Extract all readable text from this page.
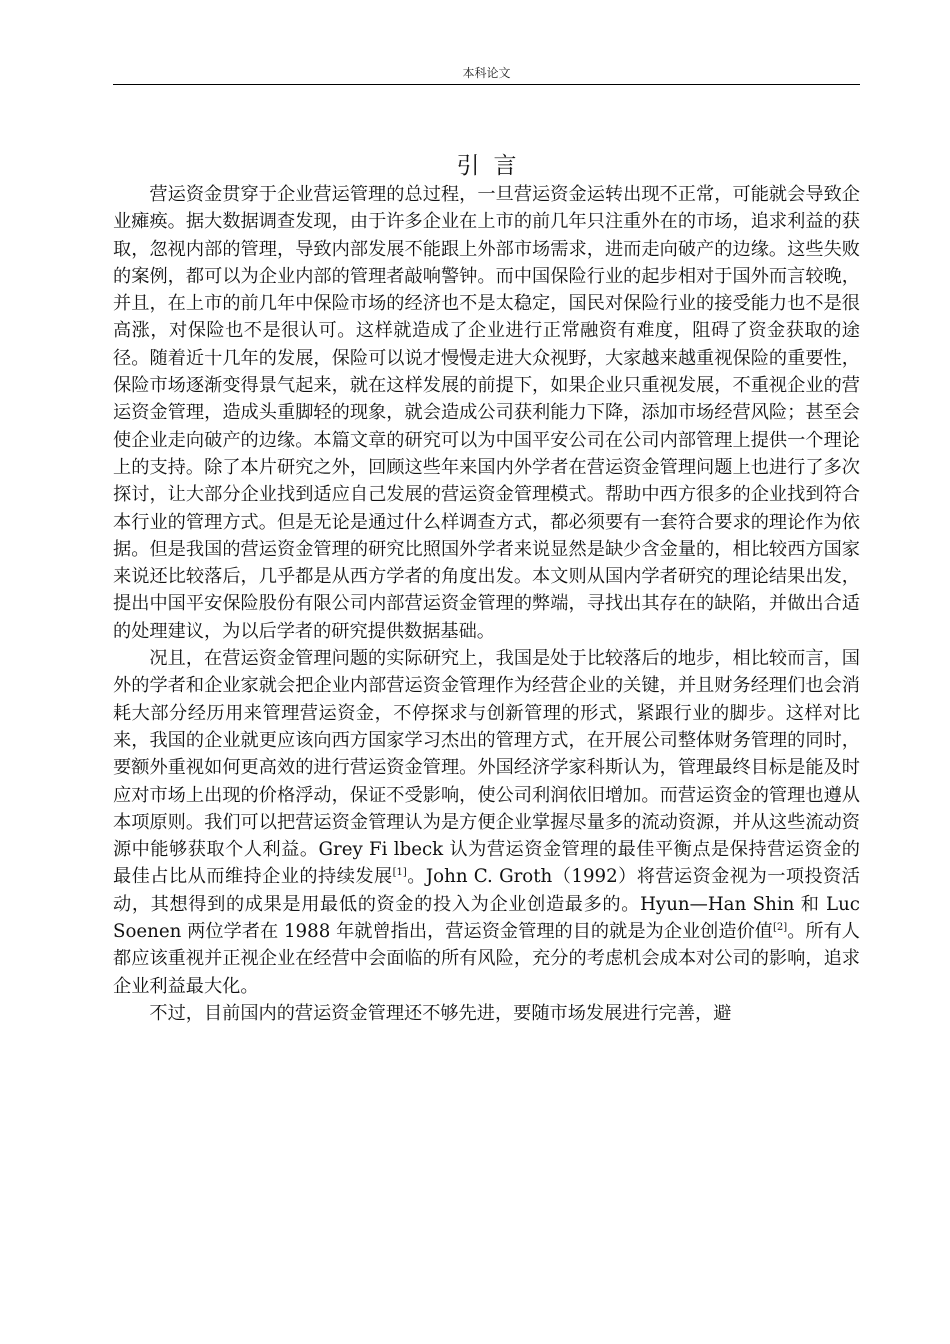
本科论文
引言

营运资金贯穿于企业营运管理的总过程，一旦营运资金运转出现不正常，可能就会导致企业瘫痪。据大数据调查发现，由于许多企业在上市的前几年只注重外在的市场，追求利益的获取，忽视内部的管理，导致内部发展不能跟上外部市场需求，进而走向破产的边缘。这些失败的案例，都可以为企业内部的管理者敲响警钟。而中国保险行业的起步相对于国外而言较晚，并且，在上市的前几年中保险市场的经济也不是太稳定，国民对保险行业的接受能力也不是很高涨，对保险也不是很认可。这样就造成了企业进行正常融资有难度，阻碍了资金获取的途径。随着近十几年的发展，保险可以说才慢慢走进大众视野，大家越来越重视保险的重要性，保险市场逐渐变得景气起来，就在这样发展的前提下，如果企业只重视发展，不重视企业的营运资金管理，造成头重脚轻的现象，就会造成公司获利能力下降，添加市场经营风险；甚至会使企业走向破产的边缘。本篇文章的研究可以为中国平安公司在公司内部管理上提供一个理论上的支持。除了本片研究之外，回顾这些年来国内外学者在营运资金管理问题上也进行了多次探讨，让大部分企业找到适应自己发展的营运资金管理模式。帮助中西方很多的企业找到符合本行业的管理方式。但是无论是通过什么样调查方式，都必须要有一套符合要求的理论作为依据。但是我国的营运资金管理的研究比照国外学者来说显然是缺少含金量的，相比较西方国家来说还比较落后，几乎都是从西方学者的角度出发。本文则从国内学者研究的理论结果出发，提出中国平安保险股份有限公司内部营运资金管理的弊端，寻找出其存在的缺陷，并做出合适的处理建议，为以后学者的研究提供数据基础。

况且，在营运资金管理问题的实际研究上，我国是处于比较落后的地步，相比较而言，国外的学者和企业家就会把企业内部营运资金管理作为经营企业的关键，并且财务经理们也会消耗大部分经历用来管理营运资金，不停探求与创新管理的形式，紧跟行业的脚步。这样对比来，我国的企业就更应该向西方国家学习杰出的管理方式，在开展公司整体财务管理的同时，要额外重视如何更高效的进行营运资金管理。外国经济学家科斯认为，管理最终目标是能及时应对市场上出现的价格浮动，保证不受影响，使公司利润依旧增加。而营运资金的管理也遵从本项原则。我们可以把营运资金管理认为是方便企业掌握尽量多的流动资源，并从这些流动资源中能够获取个人利益。Grey Fi lbeck 认为营运资金管理的最佳平衡点是保持营运资金的最佳占比从而维持企业的持续发展[1]。John C. Groth（1992）将营运资金视为一项投资活动，其想得到的成果是用最低的资金的投入为企业创造最多的。Hyun—Han Shin 和 Luc Soenen 两位学者在 1988 年就曾指出，营运资金管理的目的就是为企业创造价值[2]。所有人都应该重视并正视企业在经营中会面临的所有风险，充分的考虑机会成本对公司的影响，追求企业利益最大化。

不过，目前国内的营运资金管理还不够先进，要随市场发展进行完善，避
